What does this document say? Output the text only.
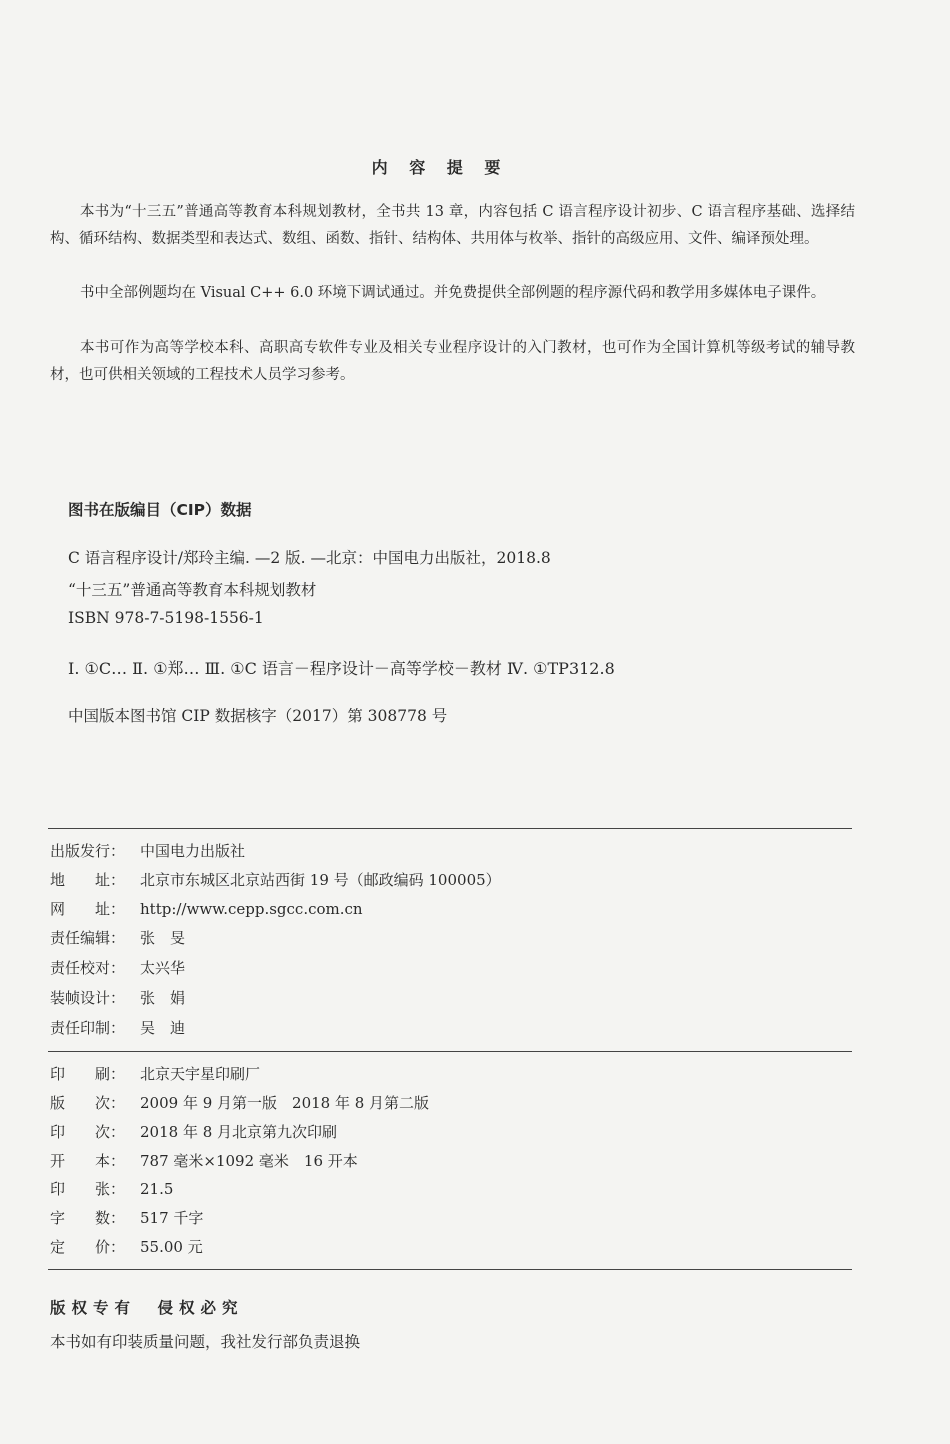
内 容 提 要
本书为“十三五”普通高等教育本科规划教材，全书共 13 章，内容包括 C 语言程序设计初步、C 语言程序基础、选择结构、循环结构、数据类型和表达式、数组、函数、指针、结构体、共用体与枚举、指针的高级应用、文件、编译预处理。
书中全部例题均在 Visual C++ 6.0 环境下调试通过。并免费提供全部例题的程序源代码和教学用多媒体电子课件。
本书可作为高等学校本科、高职高专软件专业及相关专业程序设计的入门教材，也可作为全国计算机等级考试的辅导教材，也可供相关领域的工程技术人员学习参考。
图书在版编目（CIP）数据
C 语言程序设计/郑玲主编. —2 版. —北京：中国电力出版社，2018.8
“十三五”普通高等教育本科规划教材
ISBN 978-7-5198-1556-1
Ⅰ. ①C… Ⅱ. ①郑… Ⅲ. ①C 语言－程序设计－高等学校－教材 Ⅳ. ①TP312.8
中国版本图书馆 CIP 数据核字（2017）第 308778 号
出版发行： 中国电力出版社
地　　址： 北京市东城区北京站西街 19 号（邮政编码 100005）
网　　址： http://www.cepp.sgcc.com.cn
责任编辑： 张　旻
责任校对： 太兴华
装帧设计： 张　娟
责任印制： 吴　迪
印　　刷： 北京天宇星印刷厂
版　　次： 2009 年 9 月第一版　2018 年 8 月第二版
印　　次： 2018 年 8 月北京第九次印刷
开　　本： 787 毫米×1092 毫米　16 开本
印　　张： 21.5
字　　数： 517 千字
定　　价： 55.00 元
版权专有　侵权必究
本书如有印装质量问题，我社发行部负责退换
